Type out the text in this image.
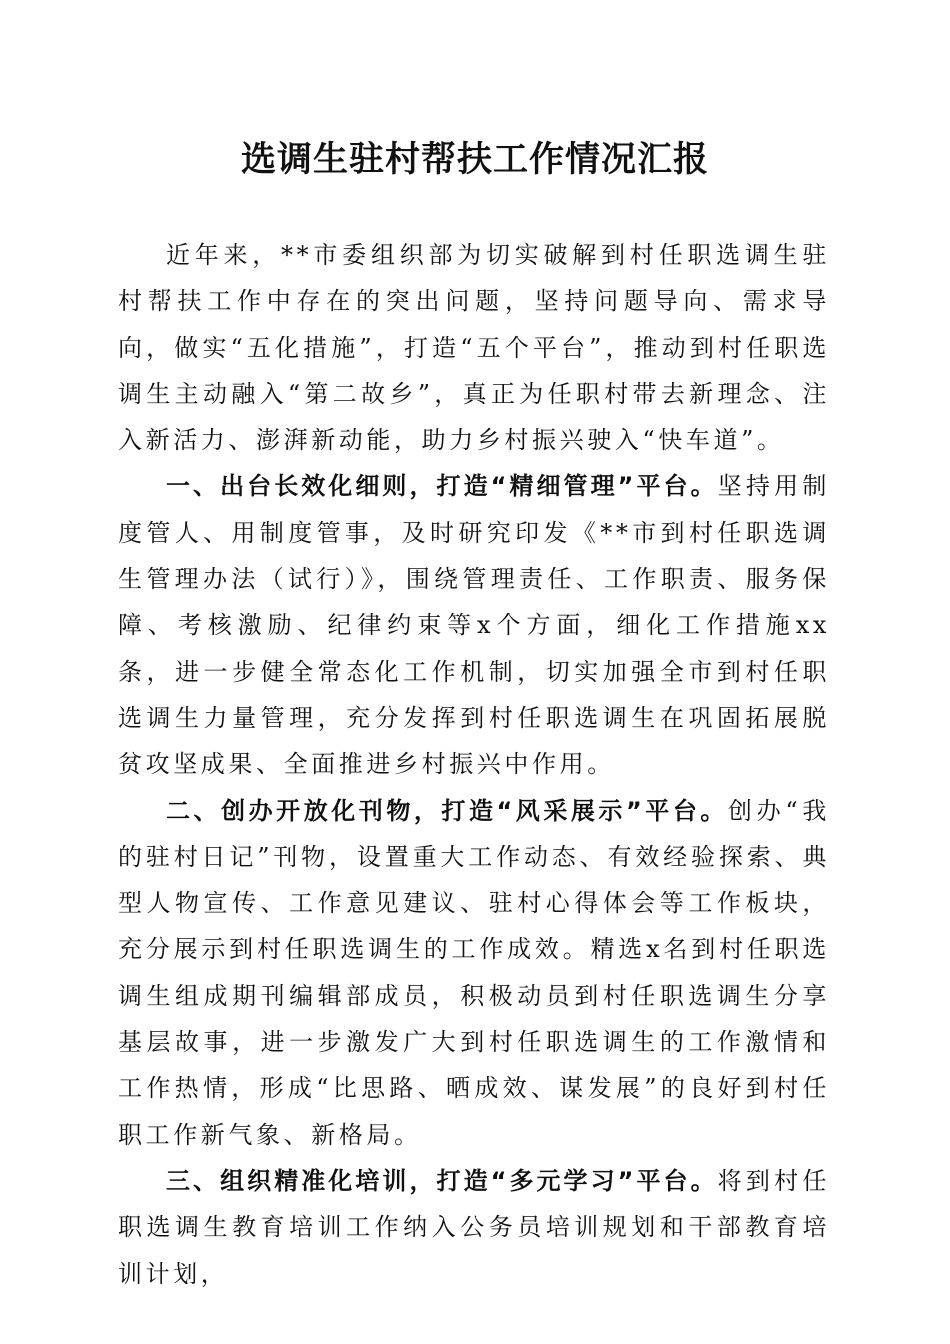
选调生驻村帮扶工作情况汇报

近年来，**市委组织部为切实破解到村任职选调生驻村帮扶工作中存在的突出问题，坚持问题导向、需求导向，做实“五化措施”，打造“五个平台”，推动到村任职选调生主动融入“第二故乡”，真正为任职村带去新理念、注入新活力、澎湃新动能，助力乡村振兴驶入“快车道”。

一、出台长效化细则，打造“精细管理”平台。坚持用制度管人、用制度管事，及时研究印发《**市到村任职选调生管理办法（试行）》，围绕管理责任、工作职责、服务保障、考核激励、纪律约束等x个方面，细化工作措施xx条，进一步健全常态化工作机制，切实加强全市到村任职选调生力量管理，充分发挥到村任职选调生在巩固拓展脱贫攻坚成果、全面推进乡村振兴中作用。

二、创办开放化刊物，打造“风采展示”平台。创办“我的驻村日记”刊物，设置重大工作动态、有效经验探索、典型人物宣传、工作意见建议、驻村心得体会等工作板块，充分展示到村任职选调生的工作成效。精选x名到村任职选调生组成期刊编辑部成员，积极动员到村任职选调生分享基层故事，进一步激发广大到村任职选调生的工作激情和工作热情，形成“比思路、晒成效、谋发展”的良好到村任职工作新气象、新格局。

三、组织精准化培训，打造“多元学习”平台。将到村任职选调生教育培训工作纳入公务员培训规划和干部教育培训计划，
